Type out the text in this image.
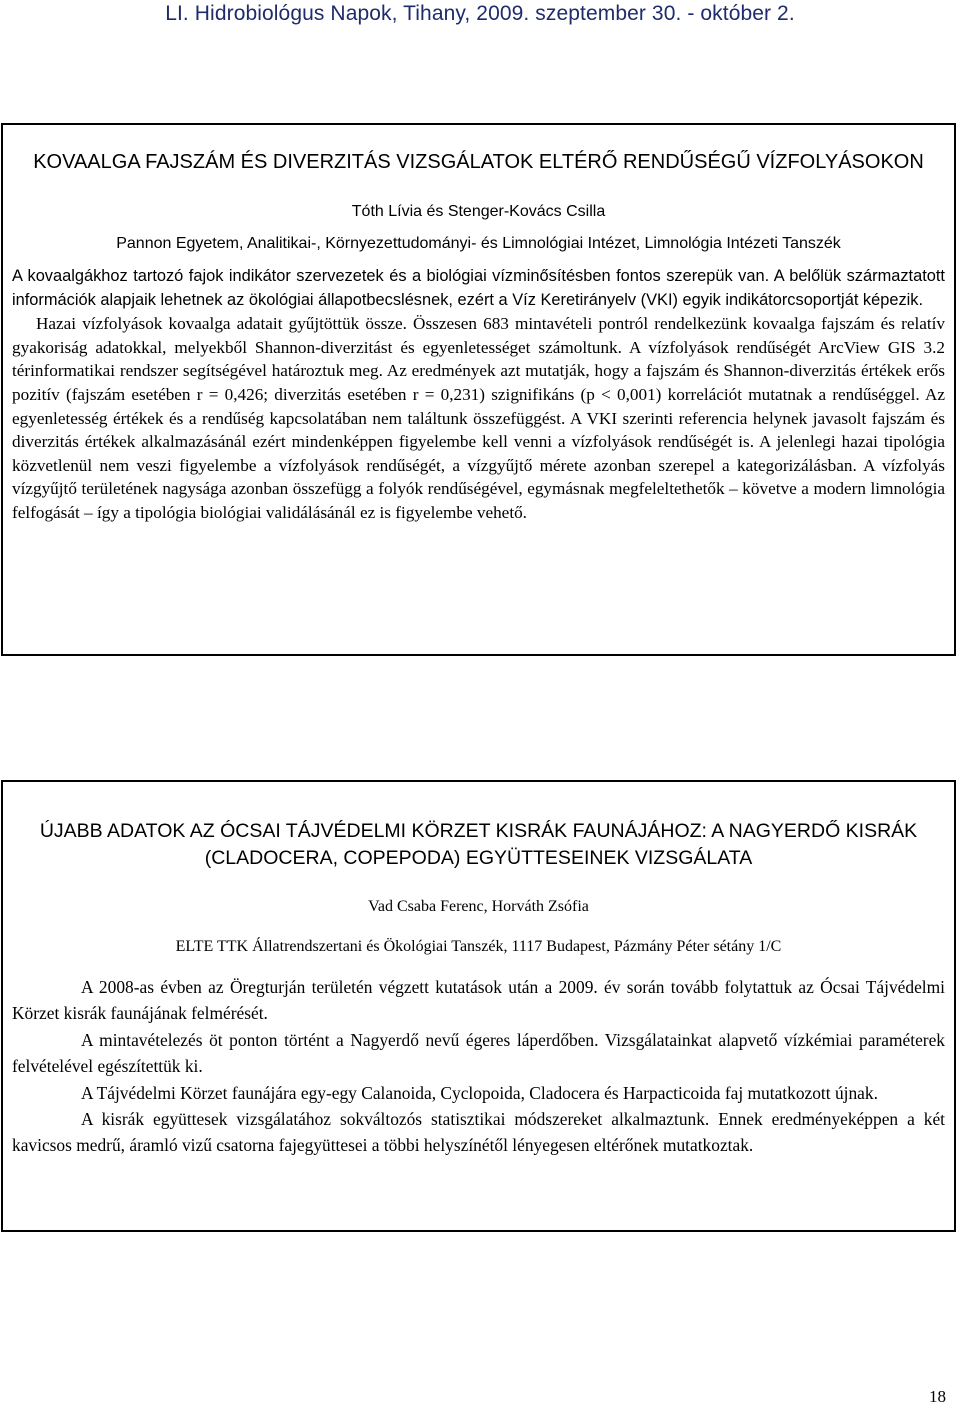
LI. Hidrobiológus Napok, Tihany, 2009. szeptember 30. - október 2.

KOVAALGA FAJSZÁM ÉS DIVERZITÁS VIZSGÁLATOK ELTÉRŐ RENDŰSÉGŰ VÍZFOLYÁSOKON

Tóth Lívia és Stenger-Kovács Csilla

Pannon Egyetem, Analitikai-, Környezettudományi- és Limnológiai Intézet, Limnológia Intézeti Tanszék

A kovaalgákhoz tartozó fajok indikátor szervezetek és a biológiai vízminősítésben fontos szerepük van. A belőlük származtatott információk alapjaik lehetnek az ökológiai állapotbecslésnek, ezért a Víz Keretirányelv (VKI) egyik indikátorcsoportját képezik.

Hazai vízfolyások kovaalga adatait gyűjtöttük össze. Összesen 683 mintavételi pontról rendelkezünk kovaalga fajszám és relatív gyakoriság adatokkal, melyekből Shannon-diverzitást és egyenletességet számoltunk. A vízfolyások rendűségét ArcView GIS 3.2 térinformatikai rendszer segítségével határoztuk meg. Az eredmények azt mutatják, hogy a fajszám és Shannon-diverzitás értékek erős pozitív (fajszám esetében r = 0,426; diverzitás esetében r = 0,231) szignifikáns (p < 0,001) korrelációt mutatnak a rendűséggel. Az egyenletesség értékek és a rendűség kapcsolatában nem találtunk összefüggést. A VKI szerinti referencia helynek javasolt fajszám és diverzitás értékek alkalmazásánál ezért mindenképpen figyelembe kell venni a vízfolyások rendűségét is. A jelenlegi hazai tipológia közvetlenül nem veszi figyelembe a vízfolyások rendűségét, a vízgyűjtő mérete azonban szerepel a kategorizálásban. A vízfolyás vízgyűjtő területének nagysága azonban összefügg a folyók rendűségével, egymásnak megfeleltethetők – követve a modern limnológia felfogását – így a tipológia biológiai validálásánál ez is figyelembe vehető.

ÚJABB ADATOK AZ ÓCSAI TÁJVÉDELMI KÖRZET KISRÁK FAUNÁJÁHOZ: A NAGYERDŐ KISRÁK (CLADOCERA, COPEPODA) EGYÜTTESEINEK VIZSGÁLATA

Vad Csaba Ferenc, Horváth Zsófia

ELTE TTK Állatrendszertani és Ökológiai Tanszék, 1117 Budapest, Pázmány Péter sétány 1/C

A 2008-as évben az Öregturján területén végzett kutatások után a 2009. év során tovább folytattuk az Ócsai Tájvédelmi Körzet kisrák faunájának felmérését.

A mintavételezés öt ponton történt a Nagyerdő nevű égeres láperdőben. Vizsgálatainkat alapvető vízkémiai paraméterek felvételével egészítettük ki.

A Tájvédelmi Körzet faunájára egy-egy Calanoida, Cyclopoida, Cladocera és Harpacticoida faj mutatkozott újnak.

A kisrák együttesek vizsgálatához sokváltozós statisztikai módszereket alkalmaztunk. Ennek eredményeképpen a két kavicsos medrű, áramló vizű csatorna fajegyüttesei a többi helyszínétől lényegesen eltérőnek mutatkoztak.

18
